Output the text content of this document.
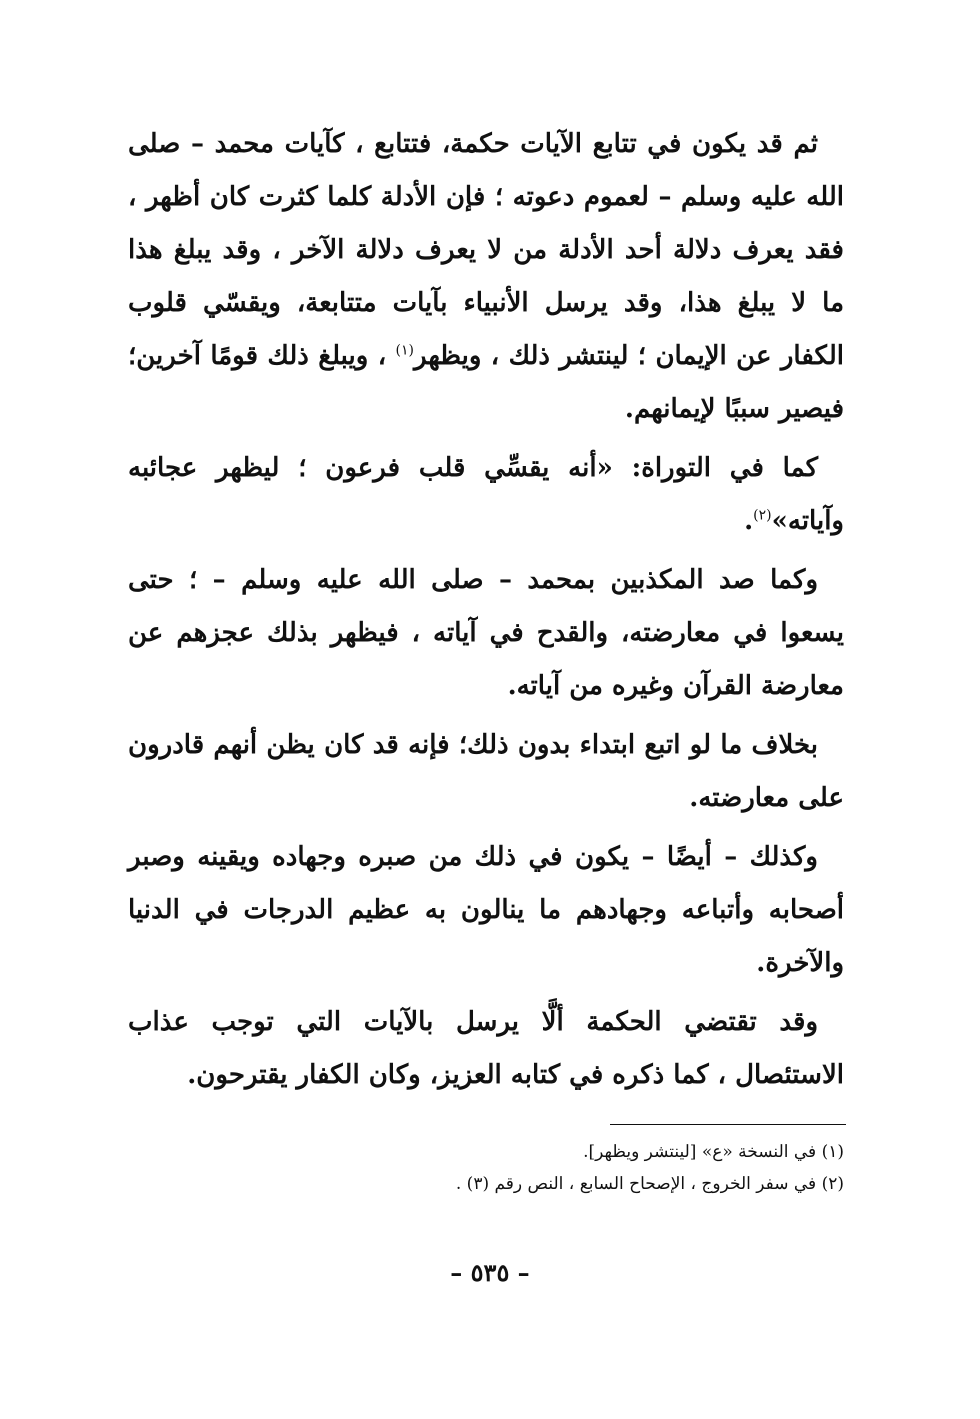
ثم قد يكون في تتابع الآيات حكمة، فتتابع ، كآيات محمد – صلى الله عليه وسلم – لعموم دعوته ؛ فإن الأدلة كلما كثرت كان أظهر ، فقد يعرف دلالة أحد الأدلة من لا يعرف دلالة الآخر ، وقد يبلغ هذا ما لا يبلغ هذا، وقد يرسل الأنبياء بآيات متتابعة، ويقسّي قلوب الكفار عن الإيمان ؛ لينتشر ذلك ، ويظهر$^{(١)}$ ، ويبلغ ذلك قومًا آخرين؛ فيصير سببًا لإيمانهم.

كما في التوراة: «أنه يقسِّي قلب فرعون ؛ ليظهر عجائبه وآياته»$^{(٢)}$.

وكما صد المكذبين بمحمد – صلى الله عليه وسلم – ؛ حتى يسعوا في معارضته، والقدح في آياته ، فيظهر بذلك عجزهم عن معارضة القرآن وغيره من آياته.

بخلاف ما لو اتبع ابتداء بدون ذلك؛ فإنه قد كان يظن أنهم قادرون على معارضته.

وكذلك – أيضًا – يكون في ذلك من صبره وجهاده ويقينه وصبر أصحابه وأتباعه وجهادهم ما ينالون به عظيم الدرجات في الدنيا والآخرة.

وقد تقتضي الحكمة ألَّا يرسل بالآيات التي توجب عذاب الاستئصال ، كما ذكره في كتابه العزيز، وكان الكفار يقترحون.

(١) في النسخة «ع» [لينتشر ويظهر].
(٢) في سفر الخروج ، الإصحاح السابع ، النص رقم (٣) .
– ٥٣٥ –
